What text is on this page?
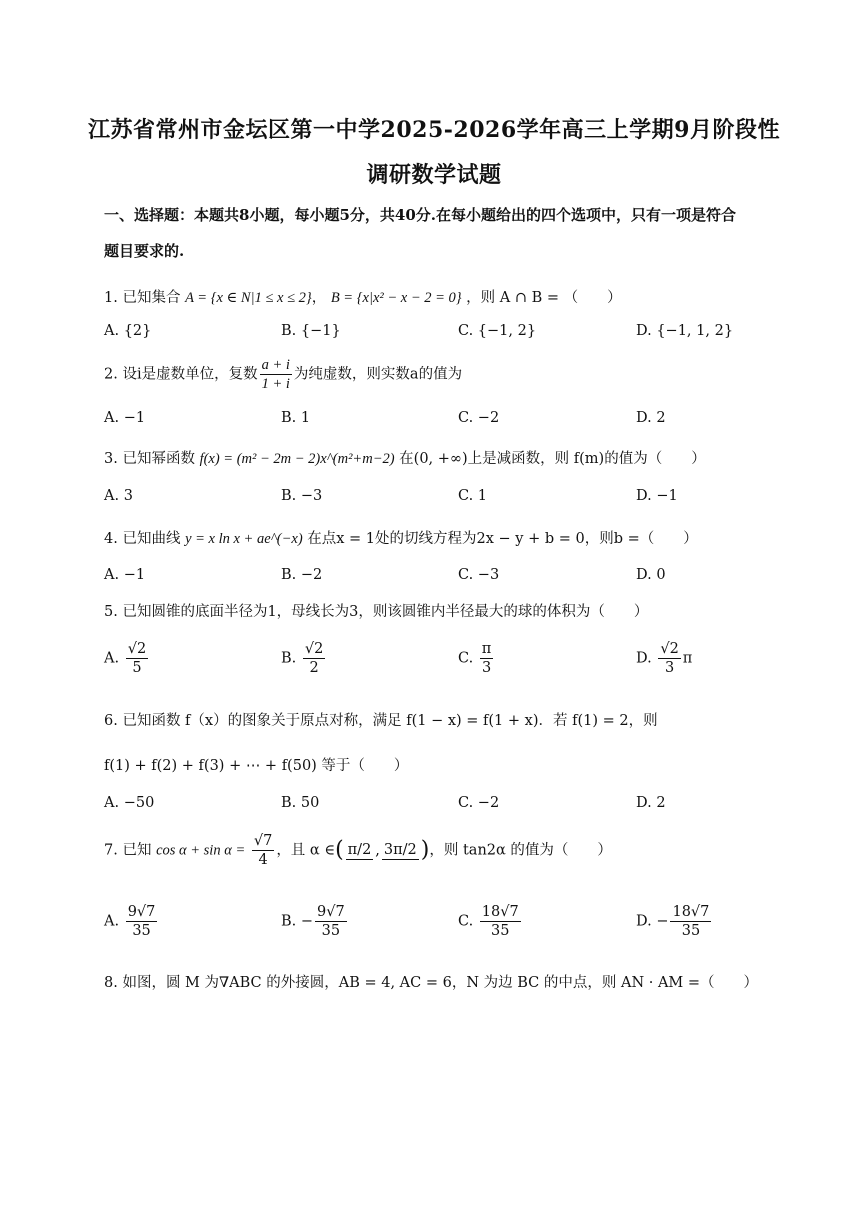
江苏省常州市金坛区第一中学2025-2026学年高三上学期9月阶段性
调研数学试题
一、选择题：本题共8小题，每小题5分，共40分.在每小题给出的四个选项中，只有一项是符合
题目要求的.
1. 已知集合 A = {x ∈ N|1 ≤ x ≤ 2}， B = {x|x² − x − 2 = 0} ，则 A ∩ B = （　　）
A. {2}	B. {−1}	C. {−1, 2}	D. {−1, 1, 2}
2. 设i是虚数单位，复数 $\frac{a + i}{1 + i}$ 为纯虚数，则实数a的值为
A. −1	B. 1	C. −2	D. 2
3. 已知幂函数 f(x) = (m² − 2m − 2)x^(m²+m−2) 在(0, +∞)上是减函数，则 f(m)的值为（　　）
A. 3	B. −3	C. 1	D. −1
4. 已知曲线 y = x ln x + ae^(−x) 在点x = 1处的切线方程为2x − y + b = 0，则b =（　　）
A. −1	B. −2	C. −3	D. 0
5. 已知圆锥的底面半径为1，母线长为3，则该圆锥内半径最大的球的体积为（　　）
A. $\frac{√2}{5}$	B. $\frac{√2}{2}$	C. $\frac{\pi}{3}$	D. $\frac{√2}{3}$ π
6. 已知函数 f（x）的图象关于原点对称，满足 f(1 − x) = f(1 + x)．若 f(1) = 2，则
f(1) + f(2) + f(3) + ⋯ + f(50) 等于（　　）
A. −50	B. 50	C. −2	D. 2
7. 已知 $\cos \alpha + \sin \alpha = \frac{√7}{4}$ ，且 α ∈( π/2 , 3π/2 )，则 tan2α 的值为（　　）
A. $\frac{9√7}{35}$	B. − $\frac{9√7}{35}$	C. $\frac{18√7}{35}$	D. − $\frac{18√7}{35}$
8. 如图，圆 M 为∇ABC 的外接圆，AB = 4, AC = 6，N 为边 BC 的中点，则 AN · AM =（　　）
